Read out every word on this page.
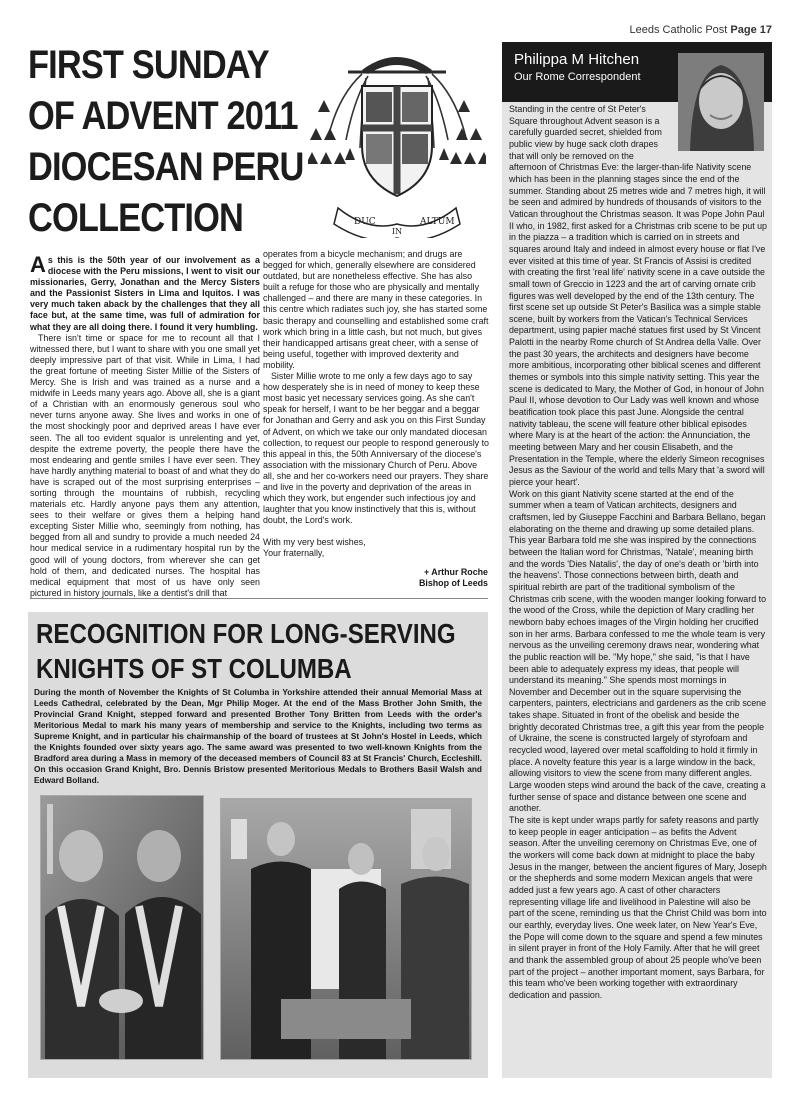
Leeds Catholic Post Page 17
FIRST SUNDAY
OF ADVENT 2011
DIOCESAN PERU
COLLECTION	DUC
IN
ALTUM

As this is the 50th year of our involvement as a diocese with the Peru missions, I went to visit our missionaries, Gerry, Jonathan and the Mercy Sisters and the Passionist Sisters in Lima and Iquitos. I was very much taken aback by the challenges that they all face but, at the same time, was full of admiration for what they are all doing there. I found it very humbling.

There isn't time or space for me to recount all that I witnessed there, but I want to share with you one small yet deeply impressive part of that visit. While in Lima, I had the great fortune of meeting Sister Millie of the Sisters of Mercy. She is Irish and was trained as a nurse and a midwife in Leeds many years ago. Above all, she is a giant of a Christian with an enormously generous soul who never turns anyone away. She lives and works in one of the most shockingly poor and deprived areas I have ever seen. The all too evident squalor is unrelenting and yet, despite the extreme poverty, the people there have the most endearing and gentle smiles I have ever seen. They have hardly anything material to boast of and what they do have is scraped out of the most surprising enterprises – sorting through the mountains of rubbish, recycling materials etc. Hardly anyone pays them any attention, sees to their welfare or gives them a helping hand excepting Sister Millie who, seemingly from nothing, has begged from all and sundry to provide a much needed 24 hour medical service in a rudimentary hospital run by the good will of young doctors, from wherever she can get hold of them, and dedicated nurses. The hospital has medical equipment that most of us have only seen pictured in history journals, like a dentist's drill that

operates from a bicycle mechanism; and drugs are begged for which, generally elsewhere are considered outdated, but are nonetheless effective. She has also built a refuge for those who are physically and mentally challenged – and there are many in these categories. In this centre which radiates such joy, she has started some basic therapy and counselling and established some craft work which bring in a little cash, but not much, but gives their handicapped artisans great cheer, with a sense of being useful, together with improved dexterity and mobility.

Sister Millie wrote to me only a few days ago to say how desperately she is in need of money to keep these most basic yet necessary services going. As she can't speak for herself, I want to be her beggar and a beggar for Jonathan and Gerry and ask you on this First Sunday of Advent, on which we take our only mandated diocesan collection, to request our people to respond generously to this appeal in this, the 50th Anniversary of the diocese's association with the missionary Church of Peru. Above all, she and her co-workers need our prayers. They share and live in the poverty and deprivation of the areas in which they work, but engender such infectious joy and laughter that you know instinctively that this is, without doubt, the Lord's work.

With my very best wishes,

Your fraternally,

+ Arthur Roche
Bishop of Leeds
RECOGNITION FOR LONG-SERVING
KNIGHTS OF ST COLUMBA
During the month of November the Knights of St Columba in Yorkshire attended their annual Memorial Mass at Leeds Cathedral, celebrated by the Dean, Mgr Philip Moger. At the end of the Mass Brother John Smith, the Provincial Grand Knight, stepped forward and presented Brother Tony Britten from Leeds with the order's Meritorious Medal to mark his many years of membership and service to the Knights, including two terms as Supreme Knight, and in particular his chairmanship of the board of trustees at St John's Hostel in Leeds, which the Knights founded over sixty years ago. The same award was presented to two well-known Knights from the Bradford area during a Mass in memory of the deceased members of Council 83 at St Francis' Church, Eccleshill. On this occasion Grand Knight, Bro. Dennis Bristow presented Meritorious Medals to Brothers Basil Walsh and Edward Bolland.
Philippa M Hitchen
Our Rome Correspondent
Standing in the centre of St Peter's
Square throughout Advent season is a
carefully guarded secret, shielded from
public view by huge sack cloth drapes
that will only be removed on the

afternoon of Christmas Eve: the larger-than-life Nativity scene which has been in the planning stages since the end of the summer. Standing about 25 metres wide and 7 metres high, it will be seen and admired by hundreds of thousands of visitors to the Vatican throughout the Christmas season. It was Pope John Paul II who, in 1982, first asked for a Christmas crib scene to be put up in the piazza – a tradition which is carried on in streets and squares around Italy and indeed in almost every house or flat I've ever visited at this time of year. St Francis of Assisi is credited with creating the first 'real life' nativity scene in a cave outside the small town of Greccio in 1223 and the art of carving ornate crib figures was well developed by the end of the 13th century. The first scene set up outside St Peter's Basilica was a simple stable scene, built by workers from the Vatican's Technical Services department, using papier maché statues first used by St Vincent Palotti in the nearby Rome church of St Andrea della Valle. Over the past 30 years, the architects and designers have become more ambitious, incorporating other biblical scenes and different themes or symbols into this simple nativity setting. This year the scene is dedicated to Mary, the Mother of God, in honour of John Paul II, whose devotion to Our Lady was well known and whose beatification took place this past June. Alongside the central nativity tableau, the scene will feature other biblical episodes where Mary is at the heart of the action: the Annunciation, the meeting between Mary and her cousin Elisabeth, and the Presentation in the Temple, where the elderly Simeon recognises Jesus as the Saviour of the world and tells Mary that 'a sword will pierce your heart'.

Work on this giant Nativity scene started at the end of the summer when a team of Vatican architects, designers and craftsmen, led by Giuseppe Facchini and Barbara Bellano, began elaborating on the theme and drawing up some detailed plans. This year Barbara told me she was inspired by the connections between the Italian word for Christmas, 'Natale', meaning birth and the words 'Dies Natalis', the day of one's death or 'birth into the heavens'. Those connections between birth, death and spiritual rebirth are part of the traditional symbolism of the Christmas crib scene, with the wooden manger looking forward to the wood of the Cross, while the depiction of Mary cradling her newborn baby echoes images of the Virgin holding her crucified son in her arms. Barbara confessed to me the whole team is very nervous as the unveiling ceremony draws near, wondering what the public reaction will be. "My hope," she said, "is that I have been able to adequately express my ideas, that people will understand its meaning." She spends most mornings in November and December out in the square supervising the carpenters, painters, electricians and gardeners as the crib scene takes shape. Situated in front of the obelisk and beside the brightly decorated Christmas tree, a gift this year from the people of Ukraine, the scene is constructed largely of styrofoam and recycled wood, layered over metal scaffolding to hold it firmly in place. A novelty feature this year is a large window in the back, allowing visitors to view the scene from many different angles. Large wooden steps wind around the back of the cave, creating a further sense of space and distance between one scene and another.

The site is kept under wraps partly for safety reasons and partly to keep people in eager anticipation – as befits the Advent season. After the unveiling ceremony on Christmas Eve, one of the workers will come back down at midnight to place the baby Jesus in the manger, between the ancient figures of Mary, Joseph or the shepherds and some modern Mexican angels that were added just a few years ago. A cast of other characters representing village life and livelihood in Palestine will also be part of the scene, reminding us that the Christ Child was born into our earthly, everyday lives. One week later, on New Year's Eve, the Pope will come down to the square and spend a few minutes in silent prayer in front of the Holy Family. After that he will greet and thank the assembled group of about 25 people who've been part of the project – another important moment, says Barbara, for this team who've been working together with extraordinary dedication and passion.
